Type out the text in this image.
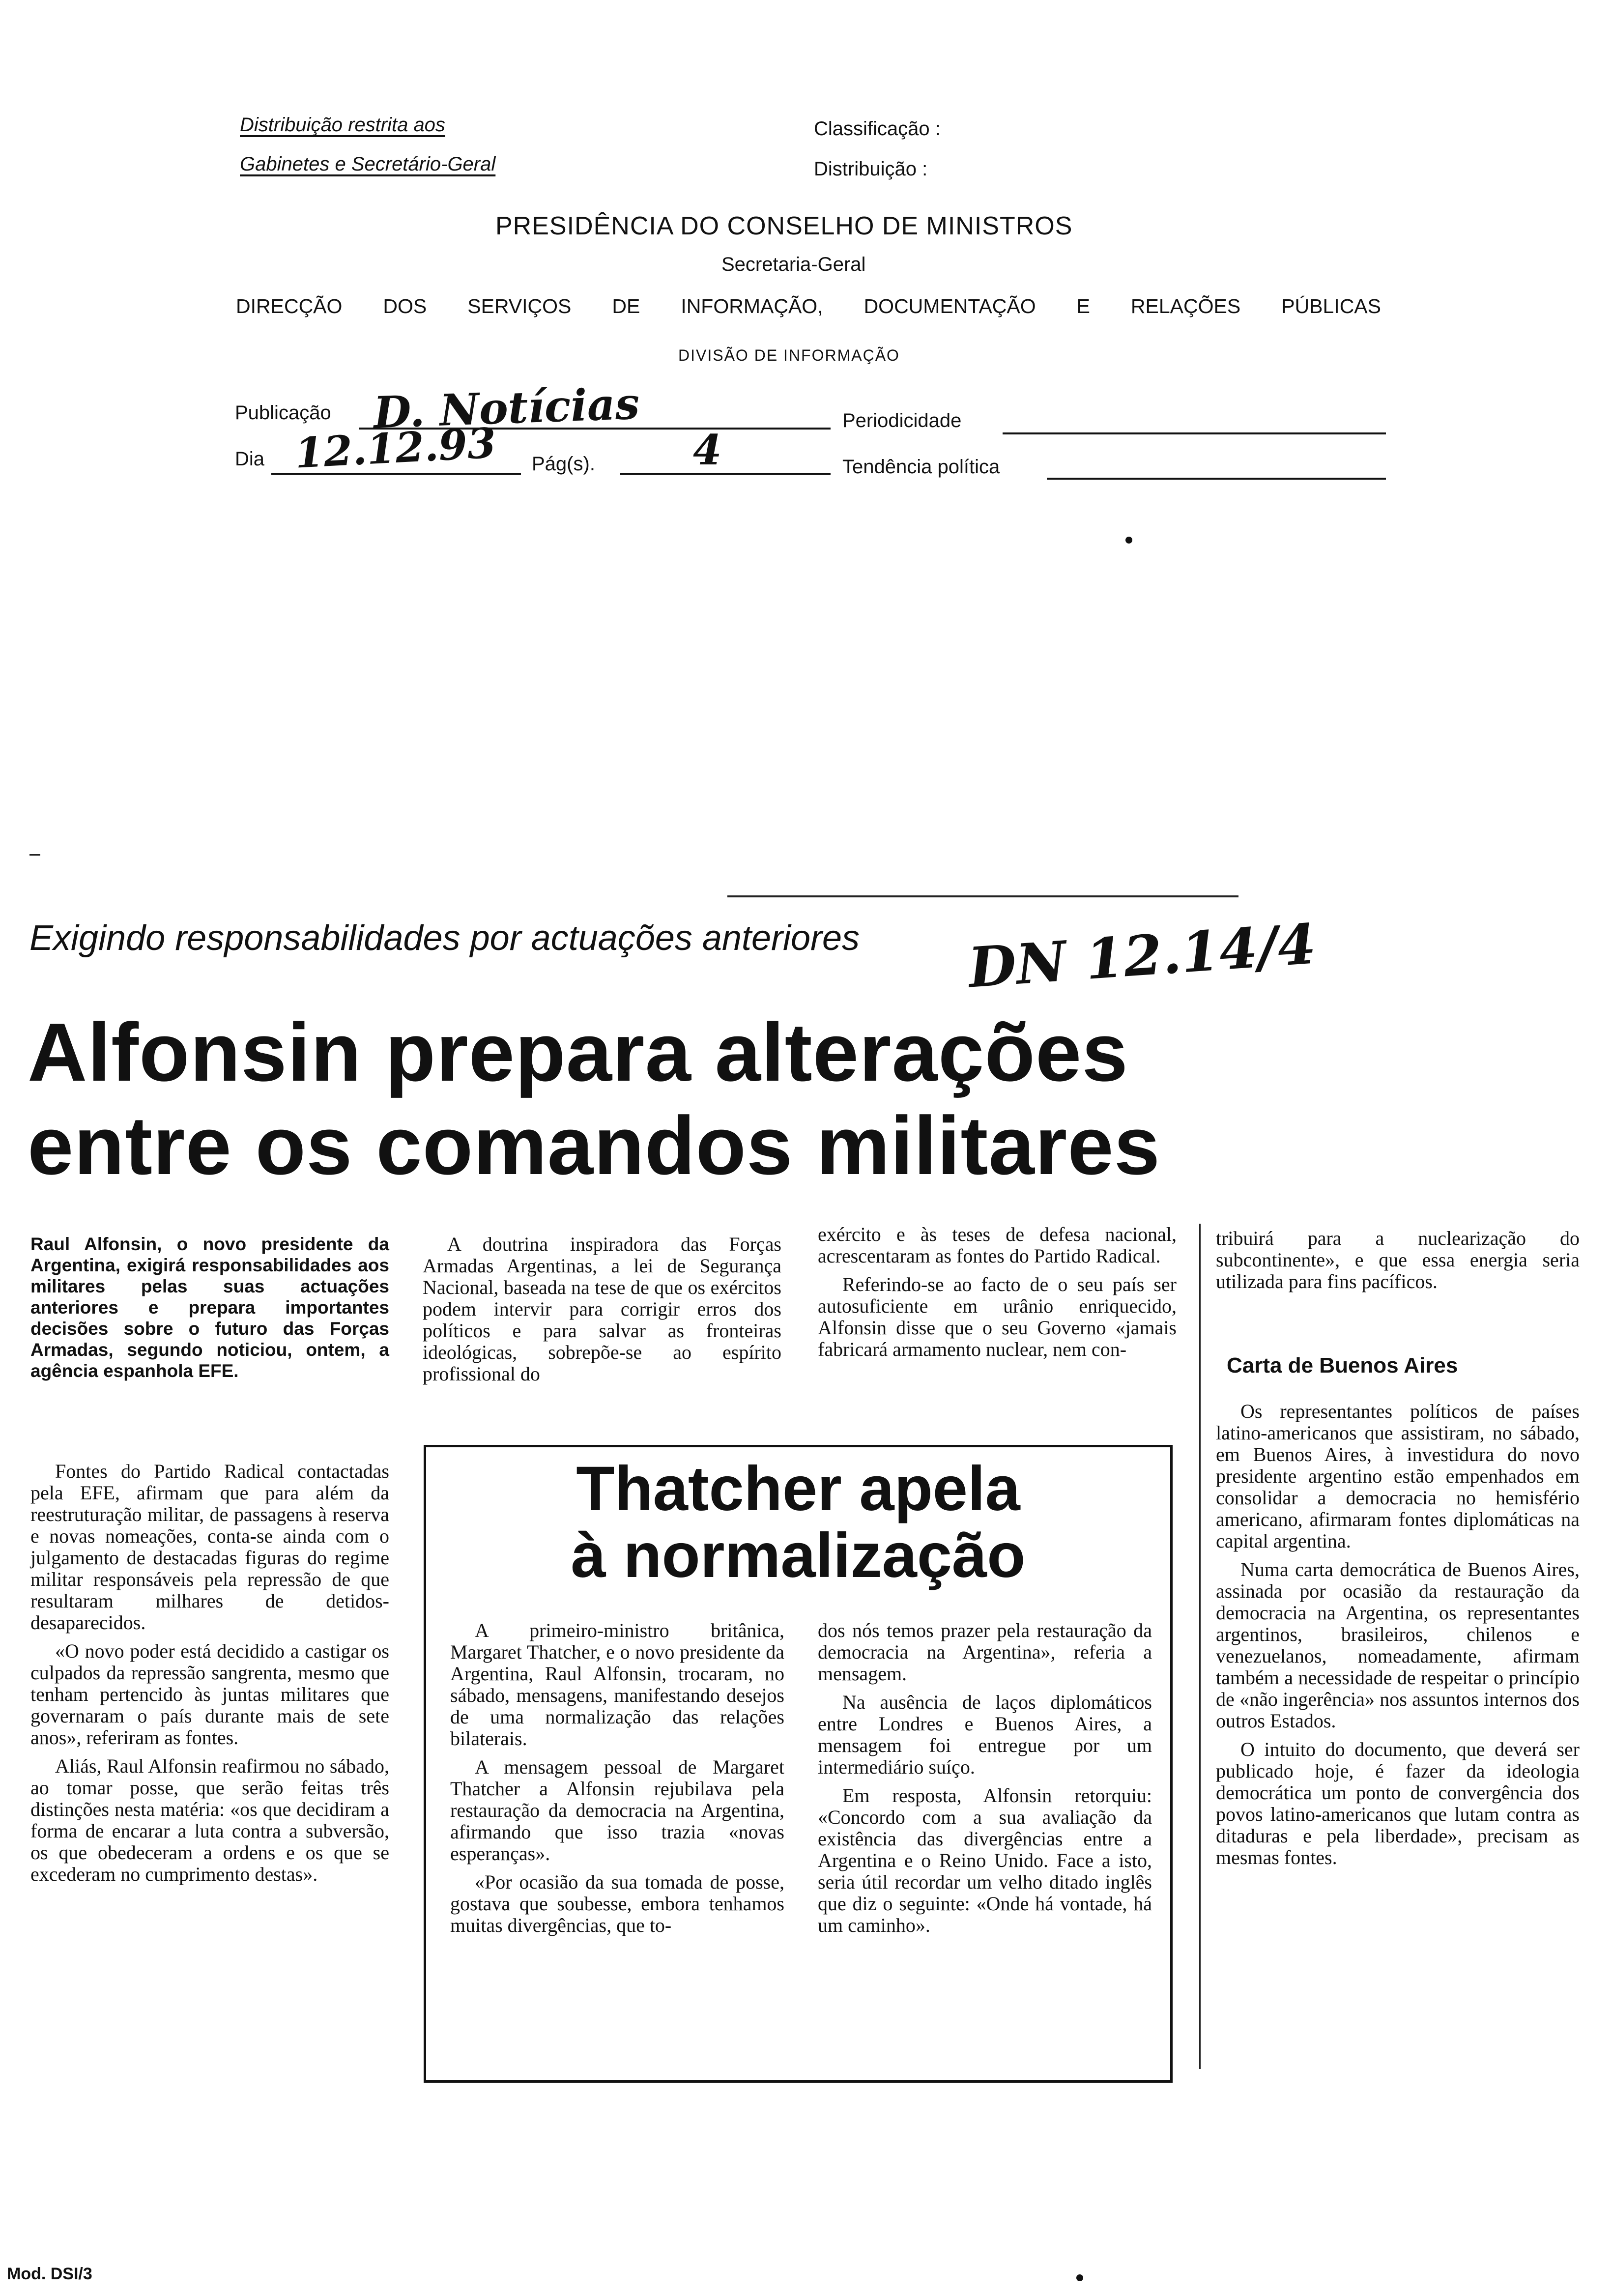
Distribuição restrita aos
Gabinetes e Secretário-Geral
Classificação :
Distribuição :
PRESIDÊNCIA DO CONSELHO DE MINISTROS
Secretaria-Geral
DIRECÇÃO DOS SERVIÇOS DE INFORMAÇÃO, DOCUMENTAÇÃO E RELAÇÕES PÚBLICAS
DIVISÃO DE INFORMAÇÃO
Publicação D. Notícias	Periodicidade
Dia 12.12.93 Pág(s). 4	Tendência política
Exigindo responsabilidades por actuações anteriores DN 12.14/4
Alfonsin prepara alterações
entre os comandos militares
Raul Alfonsin, o novo presidente da Argentina, exigirá responsabilidades aos militares pelas suas actuações anteriores e prepara importantes decisões sobre o futuro das Forças Armadas, segundo noticiou, ontem, a agência espanhola EFE.

Fontes do Partido Radical contactadas pela EFE, afirmam que para além da reestruturação militar, de passagens à reserva e novas nomeações, conta-se ainda com o julgamento de destacadas figuras do regime militar responsáveis pela repressão de que resultaram milhares de detidos-desaparecidos.

«O novo poder está decidido a castigar os culpados da repressão sangrenta, mesmo que tenham pertencido às juntas militares que governaram o país durante mais de sete anos», referiram as fontes.

Aliás, Raul Alfonsin reafirmou no sábado, ao tomar posse, que serão feitas três distinções nesta matéria: «os que decidiram a forma de encarar a luta contra a subversão, os que obedeceram a ordens e os que se excederam no cumprimento destas».

A doutrina inspiradora das Forças Armadas Argentinas, a lei de Segurança Nacional, baseada na tese de que os exércitos podem intervir para corrigir erros dos políticos e para salvar as fronteiras ideológicas, sobrepõe-se ao espírito profissional do

exército e às teses de defesa nacional, acrescentaram as fontes do Partido Radical.

Referindo-se ao facto de o seu país ser autosuficiente em urânio enriquecido, Alfonsin disse que o seu Governo «jamais fabricará armamento nuclear, nem con-

tribuirá para a nuclearização do subcontinente», e que essa energia seria utilizada para fins pacíficos.

Carta de Buenos Aires

Os representantes políticos de países latino-americanos que assistiram, no sábado, em Buenos Aires, à investidura do novo presidente argentino estão empenhados em consolidar a democracia no hemisfério americano, afirmaram fontes diplomáticas na capital argentina.

Numa carta democrática de Buenos Aires, assinada por ocasião da restauração da democracia na Argentina, os representantes argentinos, brasileiros, chilenos e venezuelanos, nomeadamente, afirmam também a necessidade de respeitar o princípio de «não ingerência» nos assuntos internos dos outros Estados.

O intuito do documento, que deverá ser publicado hoje, é fazer da ideologia democrática um ponto de convergência dos povos latino-americanos que lutam contra as ditaduras e pela liberdade», precisam as mesmas fontes.

Thatcher apela
à normalização

A primeiro-ministro britânica, Margaret Thatcher, e o novo presidente da Argentina, Raul Alfonsin, trocaram, no sábado, mensagens, manifestando desejos de uma normalização das relações bilaterais.

A mensagem pessoal de Margaret Thatcher a Alfonsin rejubilava pela restauração da democracia na Argentina, afirmando que isso trazia «novas esperanças».

«Por ocasião da sua tomada de posse, gostava que soubesse, embora tenhamos muitas divergências, que to-

dos nós temos prazer pela restauração da democracia na Argentina», referia a mensagem.

Na ausência de laços diplomáticos entre Londres e Buenos Aires, a mensagem foi entregue por um intermediário suíço.

Em resposta, Alfonsin retorquiu: «Concordo com a sua avaliação da existência das divergências entre a Argentina e o Reino Unido. Face a isto, seria útil recordar um velho ditado inglês que diz o seguinte: «Onde há vontade, há um caminho».

Mod. DSI/3
